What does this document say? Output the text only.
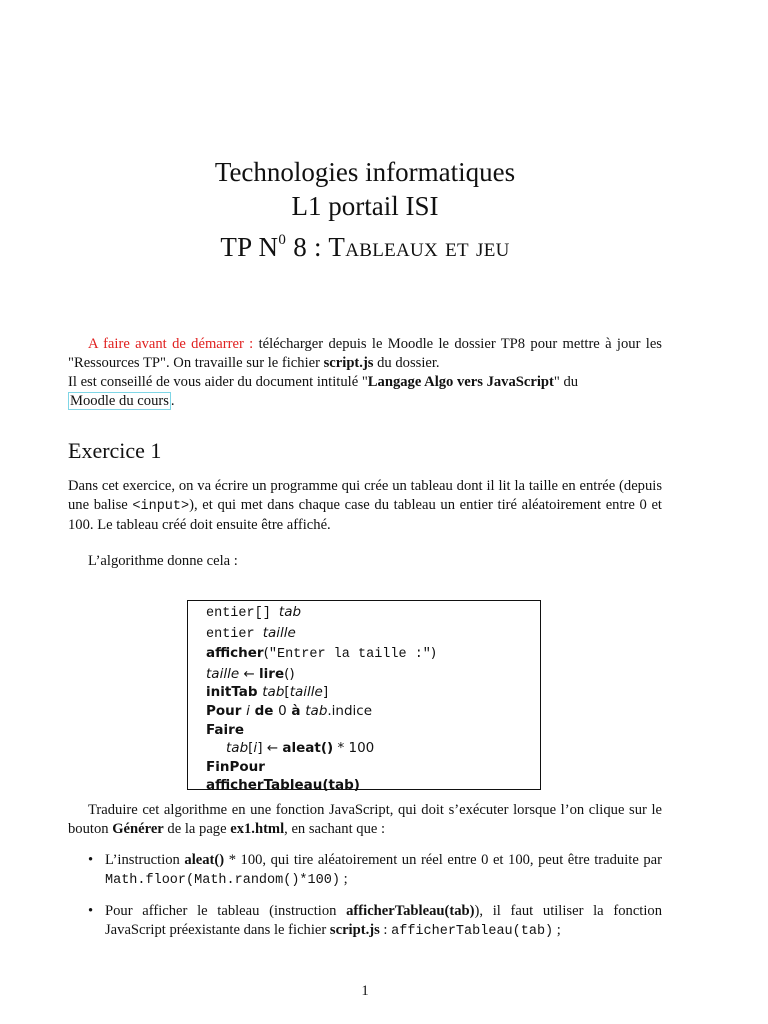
Technologies informatiques
L1 portail ISI
TP $N^0$ 8 : Tableaux et jeu
A faire avant de démarrer : télécharger depuis le Moodle le dossier TP8 pour mettre à jour les "Ressources TP". On travaille sur le fichier script.js du dossier.
Il est conseillé de vous aider du document intitulé "Langage Algo vers JavaScript" du
Moodle du cours .
Exercice 1
Dans cet exercice, on va écrire un programme qui crée un tableau dont il lit la taille en entrée (depuis une balise <input>), et qui met dans chaque case du tableau un entier tiré aléatoirement entre 0 et 100. Le tableau créé doit ensuite être affiché.
L’algorithme donne cela :
entier[] tab
entier taille
afficher("Entrer la taille :")
taille ← lire()
initTab tab[taille]
Pour i de 0 à tab.indice
Faire
tab[i] ← aleat() * 100
FinPour
afficherTableau(tab)
Traduire cet algorithme en une fonction JavaScript, qui doit s’exécuter lorsque l’on clique sur le bouton Générer de la page ex1.html, en sachant que :
• L’instruction aleat() * 100, qui tire aléatoirement un réel entre 0 et 100, peut être traduite par Math.floor(Math.random()*100) ;
• Pour afficher le tableau (instruction afficherTableau(tab)), il faut utiliser la fonction JavaScript préexistante dans le fichier script.js : afficherTableau(tab) ;
1
